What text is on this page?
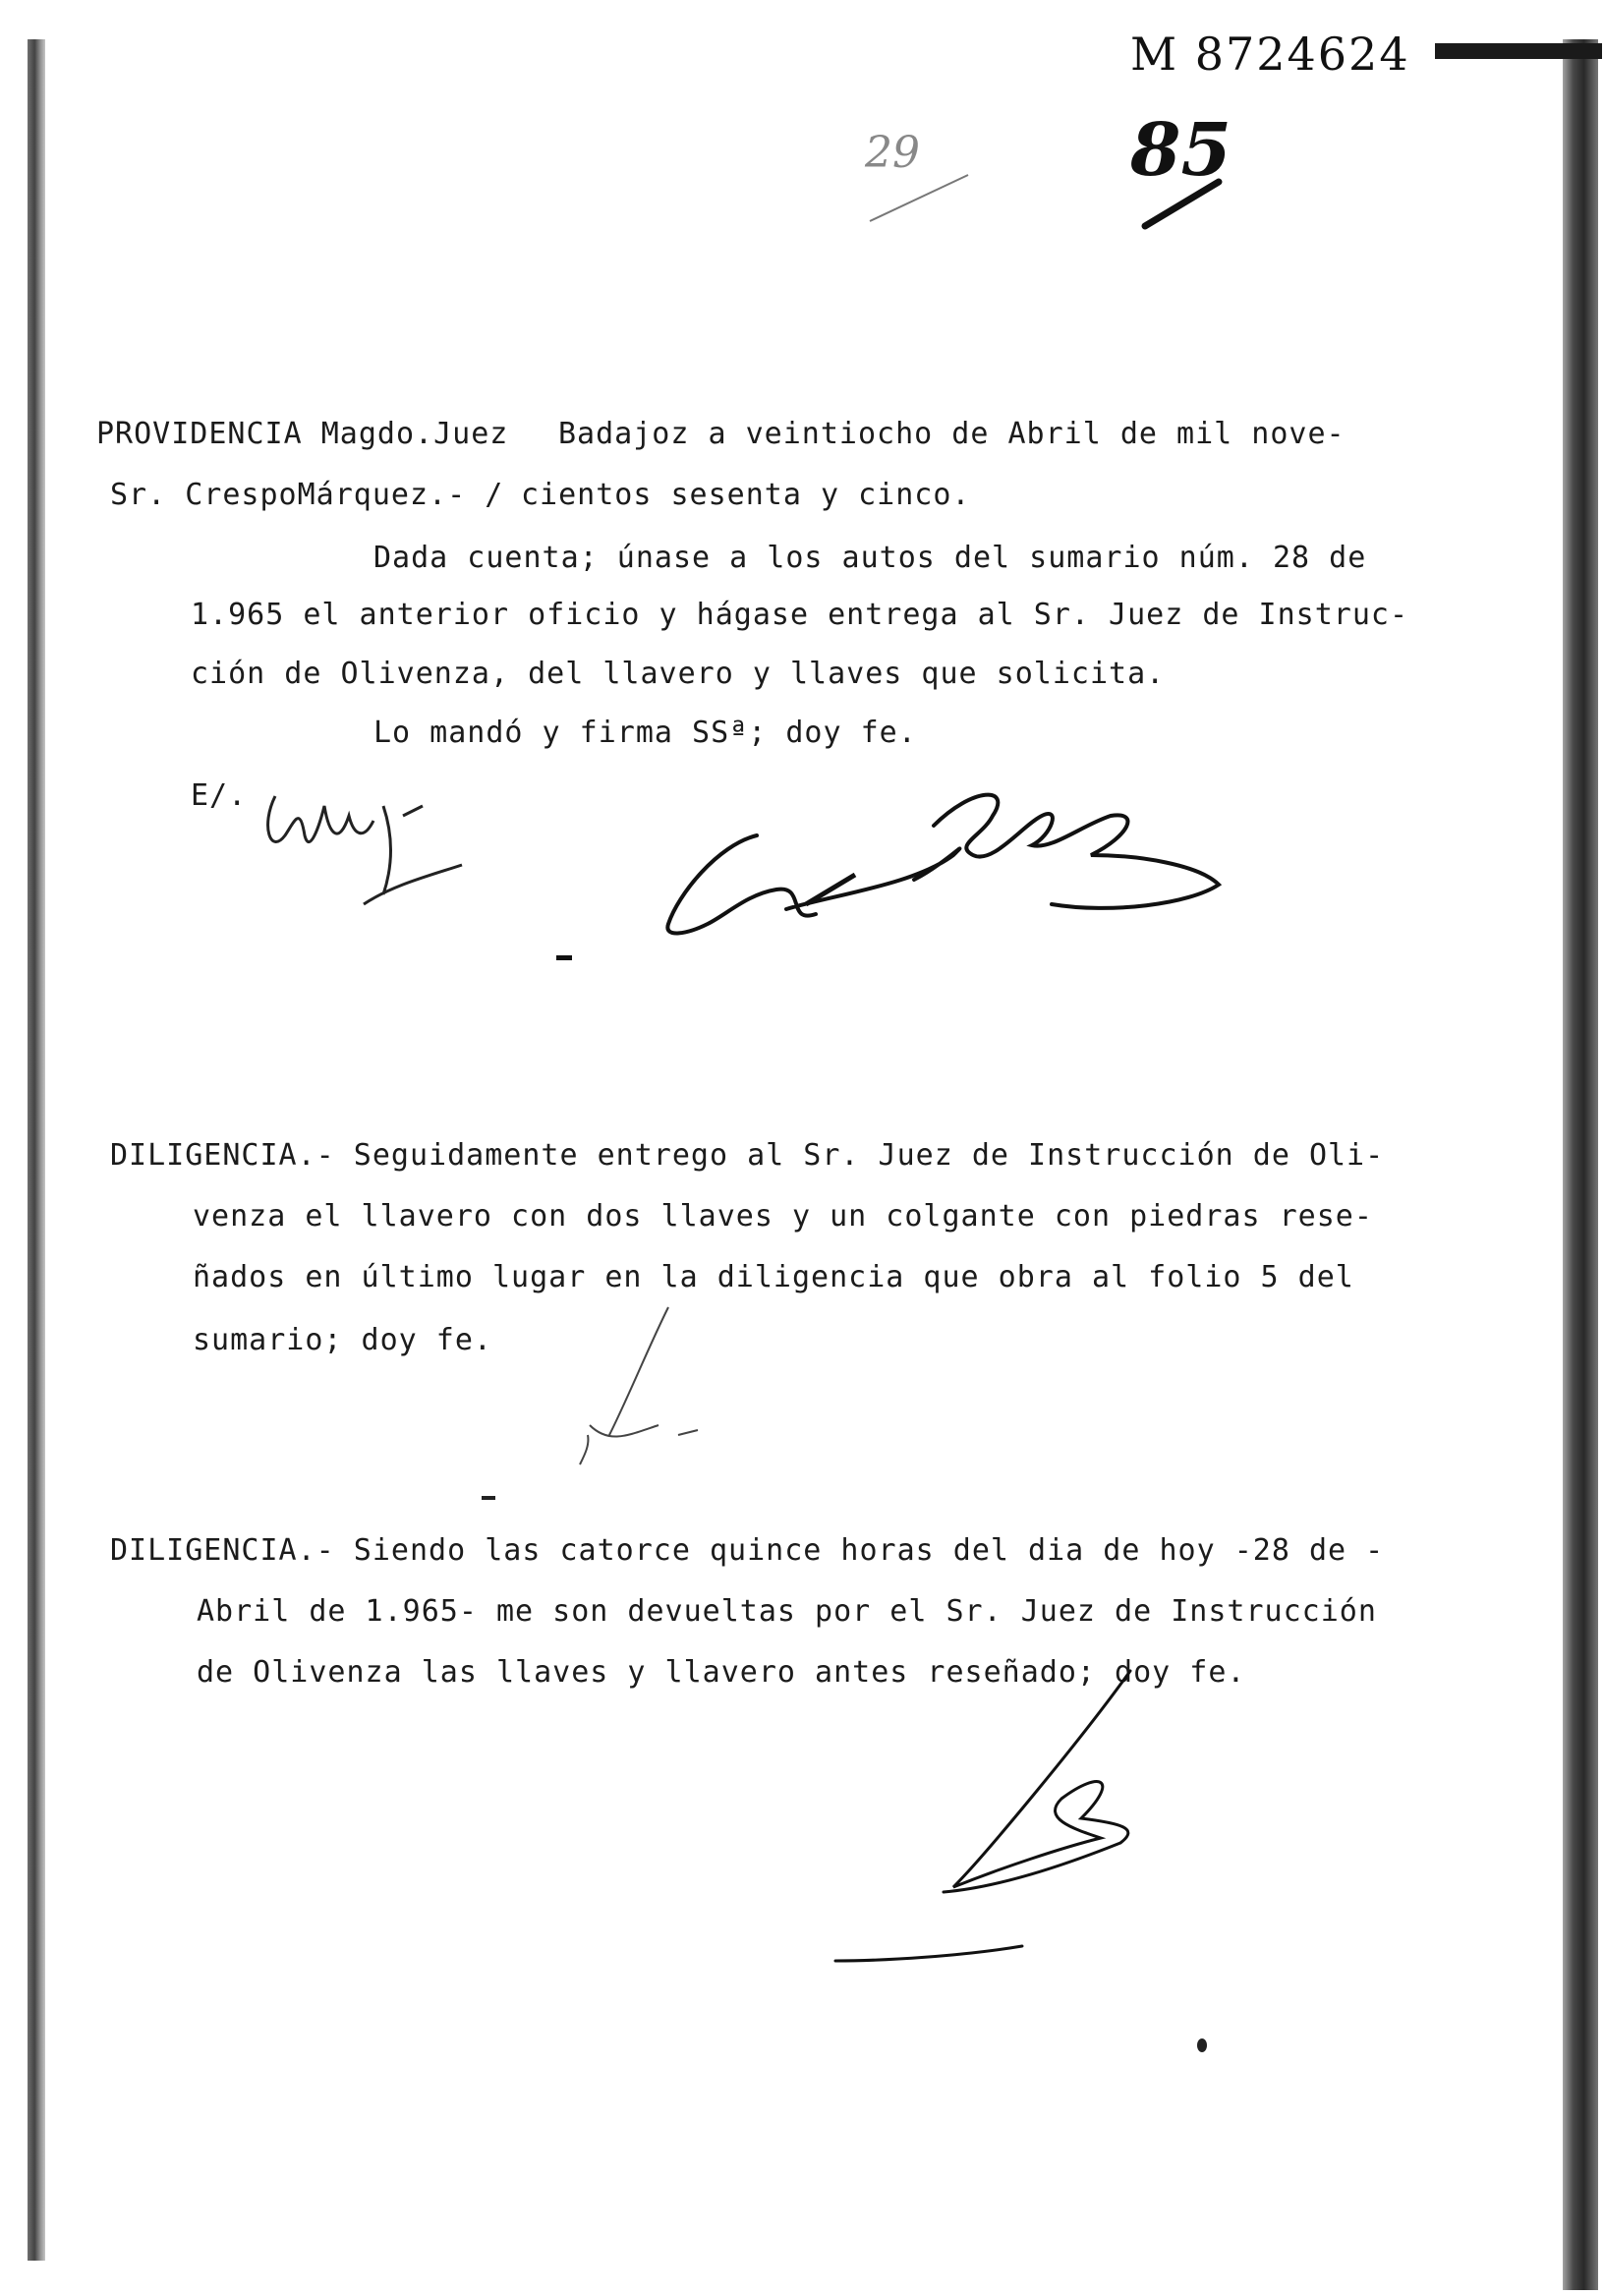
M 8724624
29	85
PROVIDENCIA Magdo.Juez
Sr. CrespoMárquez.- /
Badajoz a veintiocho de Abril de mil nove-
cientos sesenta y cinco.
Dada cuenta; únase a los autos del sumario núm. 28 de
1.965 el anterior oficio y hágase entrega al Sr. Juez de Instruc-
ción de Olivenza, del llavero y llaves que solicita.
Lo mandó y firma SSª; doy fe.
E/.
DILIGENCIA.- Seguidamente entrego al Sr. Juez de Instrucción de Oli-
venza el llavero con dos llaves y un colgante con piedras rese-
ñados en último lugar en la diligencia que obra al folio 5 del
sumario; doy fe.
DILIGENCIA.- Siendo las catorce quince horas del dia de hoy -28 de -
Abril de 1.965- me son devueltas por el Sr. Juez de Instrucción
de Olivenza las llaves y llavero antes reseñado; doy fe.
